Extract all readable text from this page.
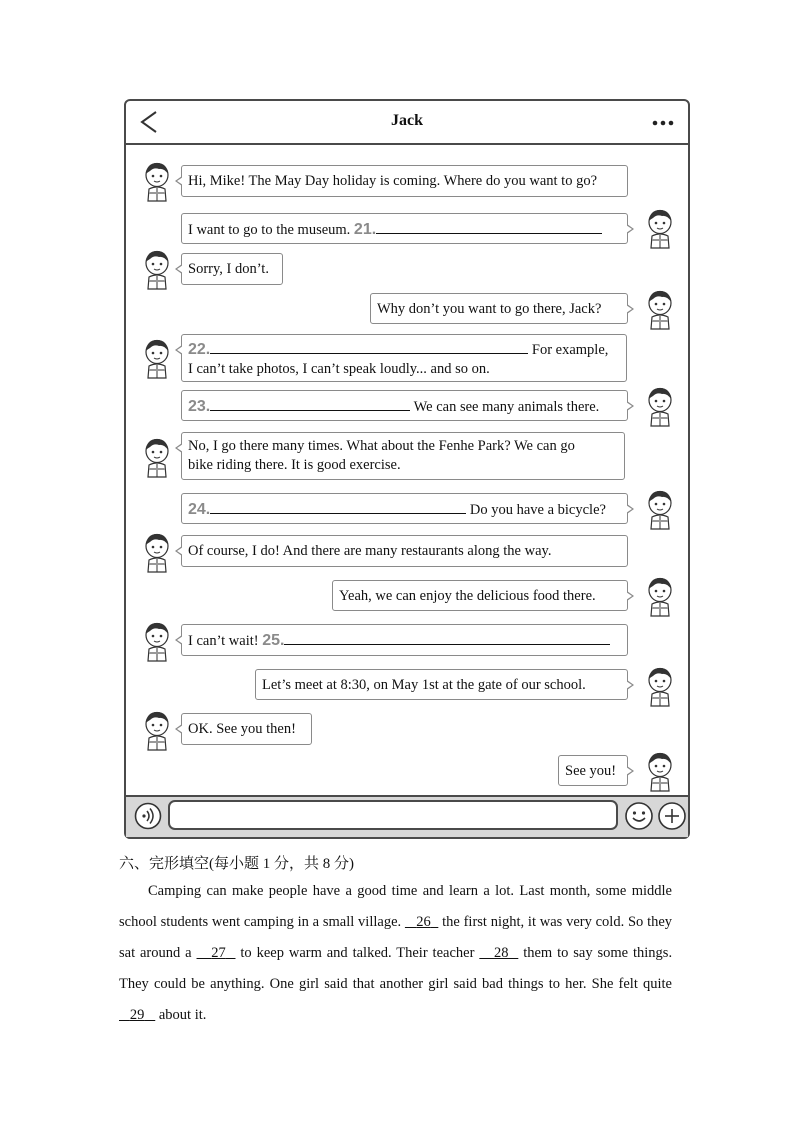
Jack
Hi, Mike! The May Day holiday is coming. Where do you want to go?
I want to go to the museum. 21.
Sorry, I don’t.
Why don’t you want to go there, Jack?
22.	For example,
I can’t take photos, I can’t speak loudly... and so on.
23.	We can see many animals there.
No, I go there many times. What about the Fenhe Park? We can go
bike riding there. It is good exercise.
24.	Do you have a bicycle?
Of course, I do! And there are many restaurants along the way.
Yeah, we can enjoy the delicious food there.
I can’t wait! 25.
Let’s meet at 8:30, on May 1st at the gate of our school.
OK. See you then!
See you!
六、完形填空(每小题 1 分，共 8 分)
Camping can make people have a good time and learn a lot. Last month, some middle school students went camping in a small village. 26 the first night, it was very cold. So they sat around a 27 to keep warm and talked. Their teacher 28 them to say some things. They could be anything. One girl said that another girl said bad things to her. She felt quite    29 about it.
